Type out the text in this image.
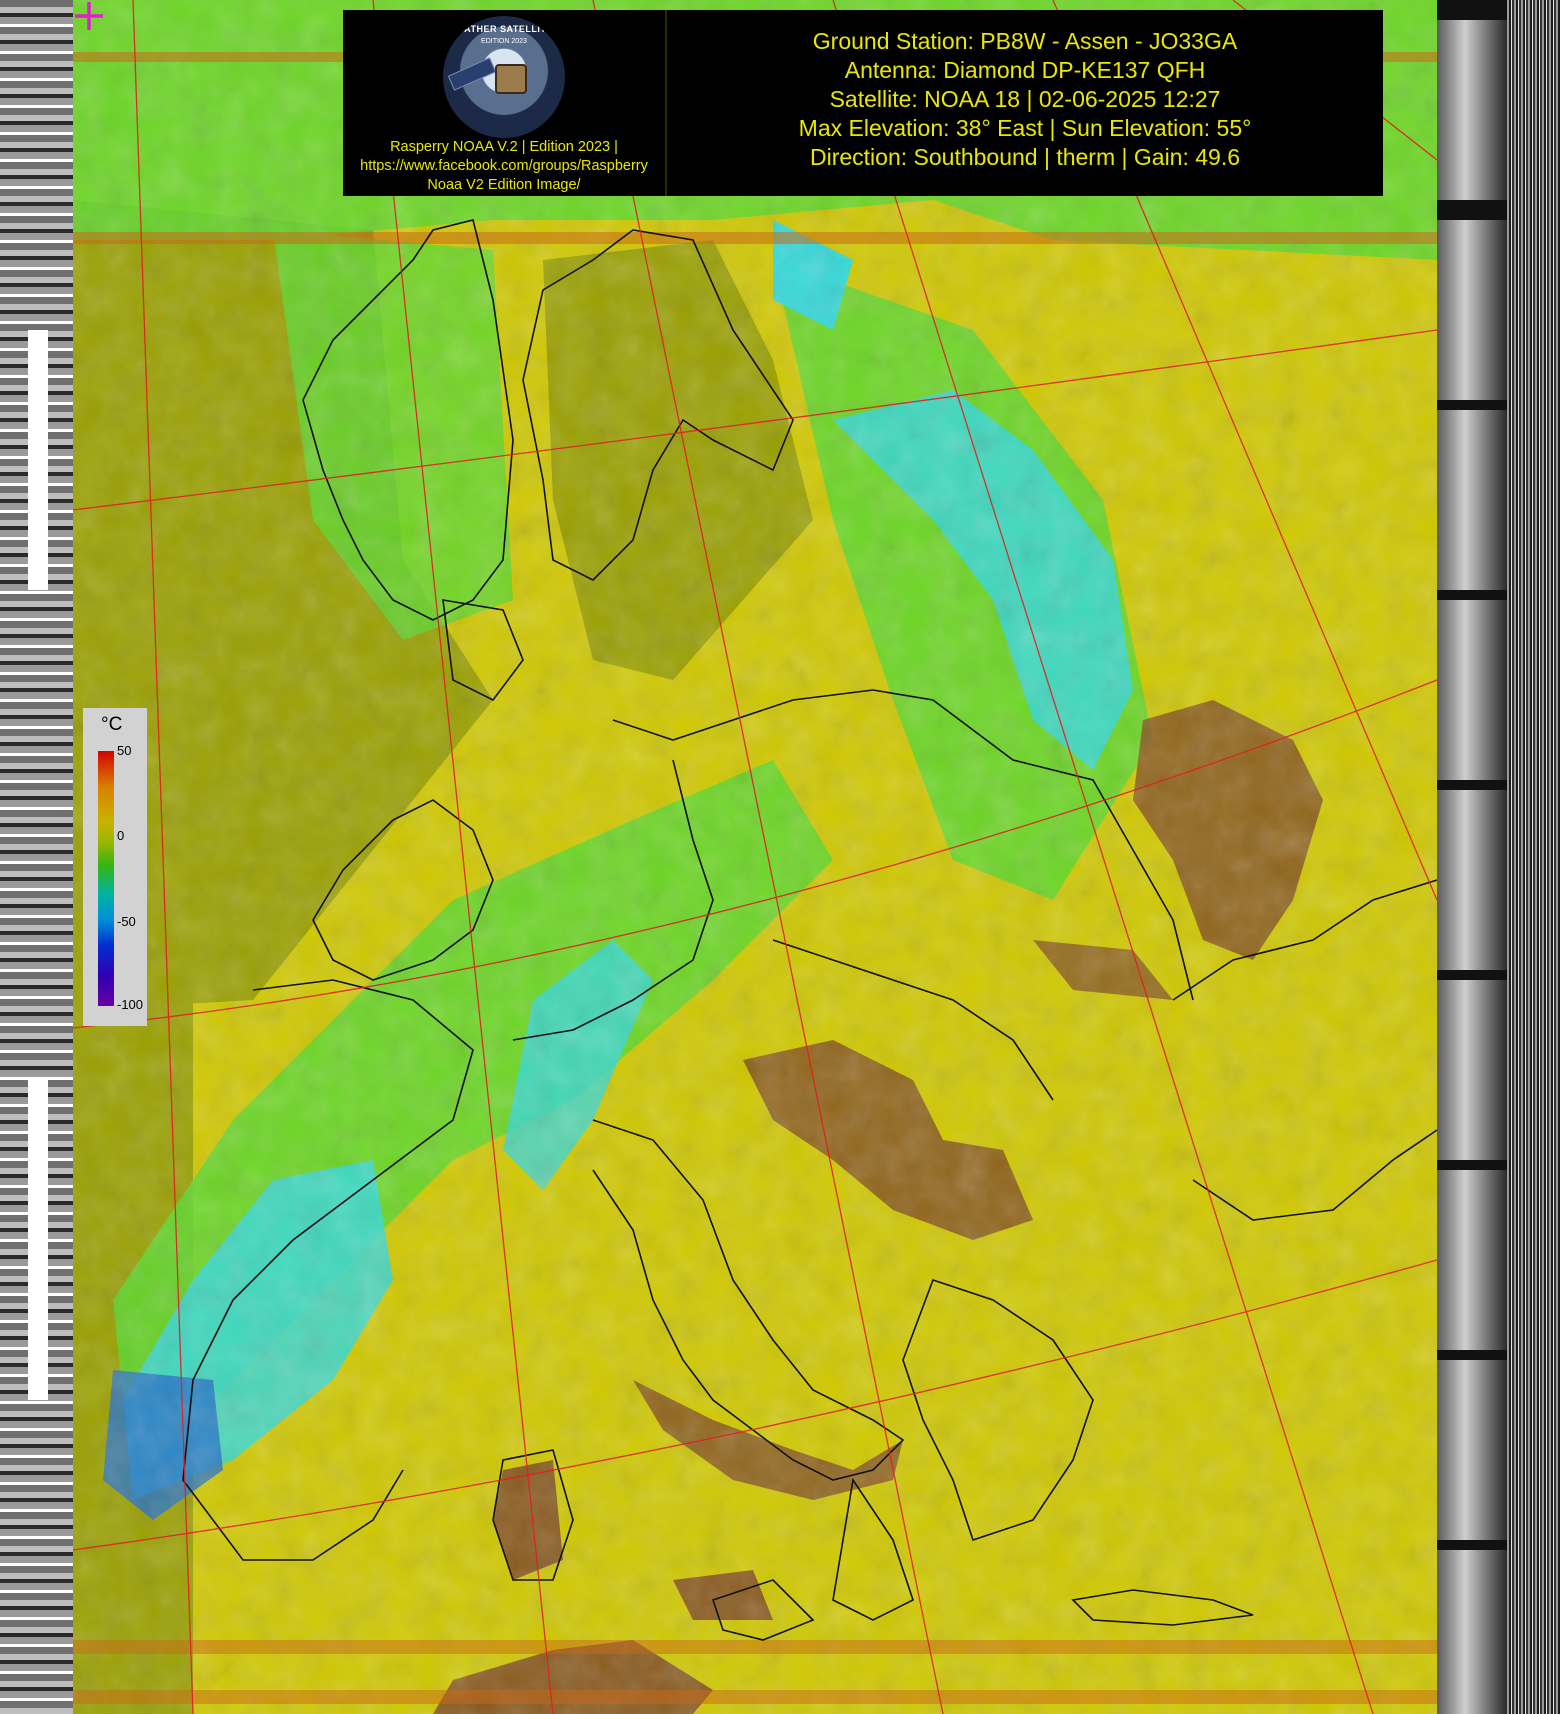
°C
50
0
-50
-100
WEATHER SATELLITES
EDITION 2023
Rasperry NOAA V.2 | Edition 2023 |
https://www.facebook.com/groups/Raspberry
Noaa V2 Edition Image/
Ground Station: PB8W - Assen - JO33GA
Antenna: Diamond DP-KE137 QFH
Satellite: NOAA 18 | 02-06-2025 12:27
Max Elevation: 38° East | Sun Elevation: 55°
Direction: Southbound | therm | Gain: 49.6
